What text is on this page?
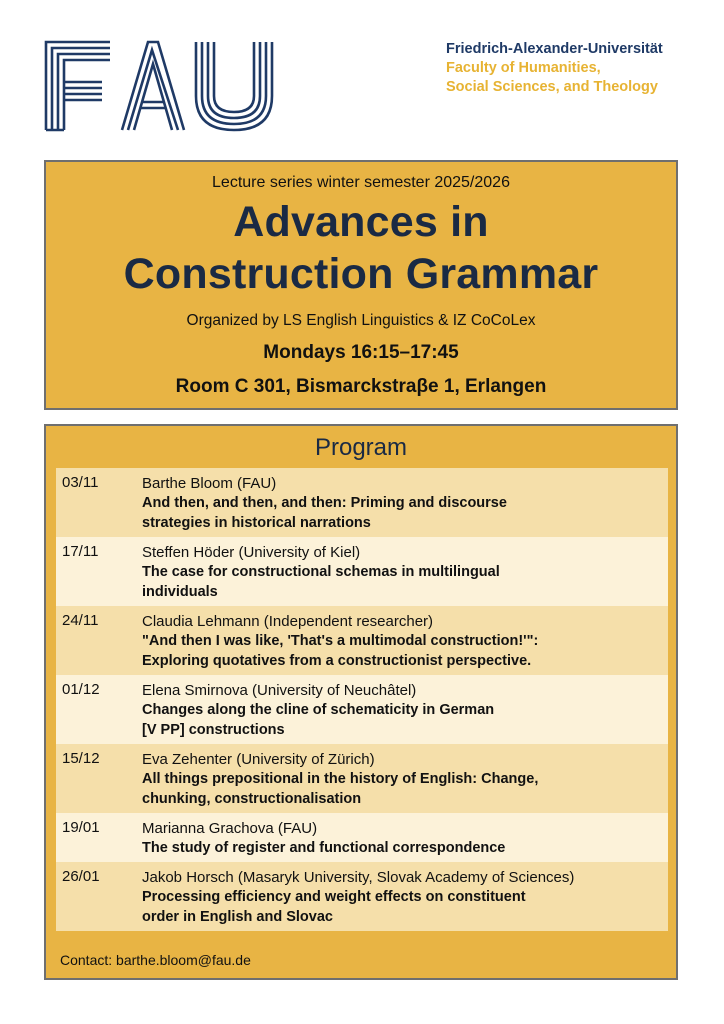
Friedrich-Alexander-Universität
Faculty of Humanities,
Social Sciences, and Theology
Lecture series winter semester 2025/2026
Advances in
Construction Grammar
Organized by LS English Linguistics & IZ CoCoLex
Mondays 16:15–17:45
Room C 301, Bismarckstraβe 1, Erlangen
Program
03/11	Barthe Bloom (FAU)
And then, and then, and then: Priming and discourse
strategies in historical narrations
17/11	Steffen Höder (University of Kiel)
The case for constructional schemas in multilingual
individuals
24/11	Claudia Lehmann (Independent researcher)
"And then I was like, 'That's a multimodal construction!'":
Exploring quotatives from a constructionist perspective.
01/12	Elena Smirnova (University of Neuchâtel)
Changes along the cline of schematicity in German
[V PP] constructions
15/12	Eva Zehenter (University of Zürich)
All things prepositional in the history of English: Change,
chunking, constructionalisation
19/01	Marianna Grachova (FAU)
The study of register and functional correspondence
26/01	Jakob Horsch (Masaryk University, Slovak Academy of Sciences)
Processing efficiency and weight effects on constituent
order in English and Slovac
Contact: barthe.bloom@fau.de
